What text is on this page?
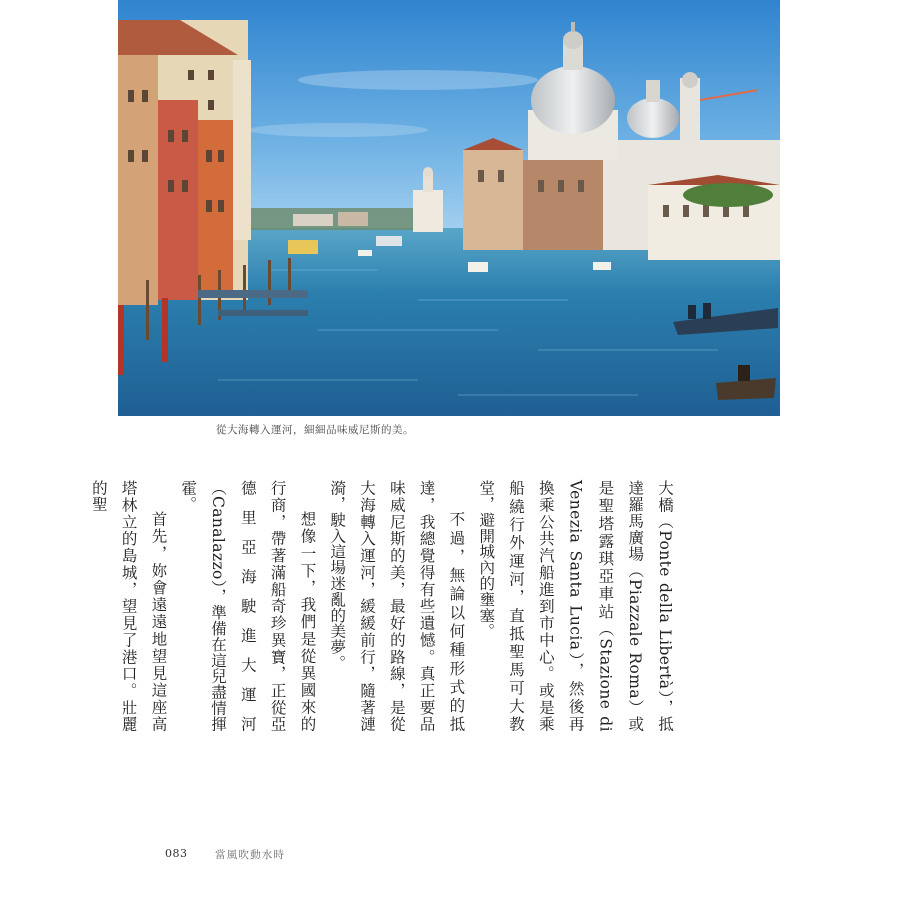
從大海轉入運河，細細品味威尼斯的美。

大橋（Ponte della Libertà），抵達羅馬廣場（Piazzale Roma）或是聖塔露琪亞車站（Stazione di Venezia Santa Lucia），然後再換乘公共汽船進到市中心。或是乘船繞行外運河，直抵聖馬可大教堂，避開城內的壅塞。

不過，無論以何種形式的抵達，我總覺得有些遺憾。真正要品味威尼斯的美，最好的路線，是從大海轉入運河，緩緩前行，隨著漣漪，駛入這場迷亂的美夢。

想像一下，我們是從異國來的行商，帶著滿船奇珍異寶，正從亞德里亞海駛進大運河（Canalazzo），準備在這兒盡情揮霍。

首先，妳會遠遠地望見這座高塔林立的島城，望見了港口。壯麗的聖

083	當風吹動水時
